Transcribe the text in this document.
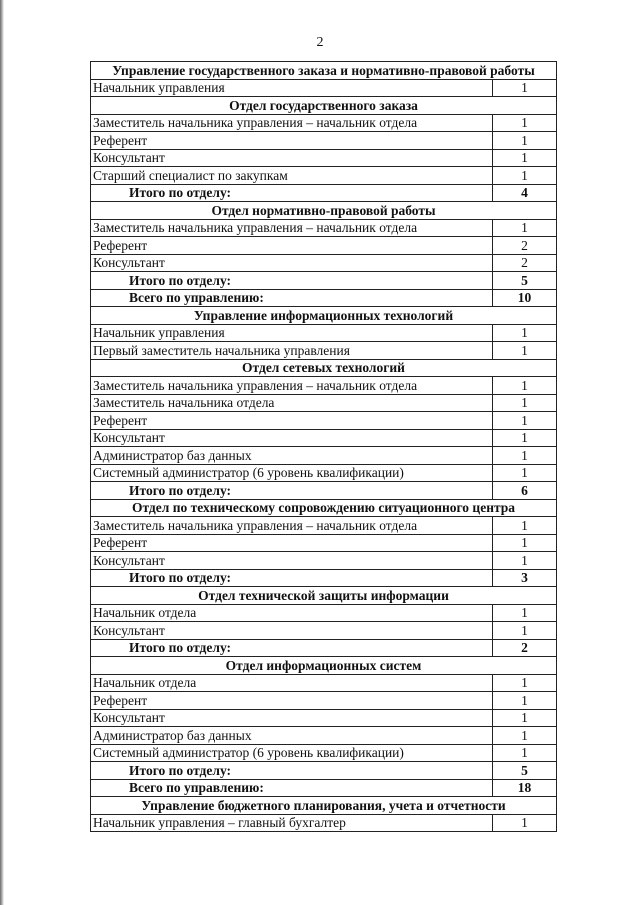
2
Управление государственного заказа и нормативно-правовой работы	
Начальник управления	1
Отдел государственного заказа	
Заместитель начальника управления – начальник отдела	1
Референт	1
Консультант	1
Старший специалист по закупкам	1
Итого по отделу:	4
Отдел нормативно-правовой работы	
Заместитель начальника управления – начальник отдела	1
Референт	2
Консультант	2
Итого по отделу:	5
Всего по управлению:	10
Управление информационных технологий	
Начальник управления	1
Первый заместитель начальника управления	1
Отдел сетевых технологий	
Заместитель начальника управления – начальник отдела	1
Заместитель начальника отдела	1
Референт	1
Консультант	1
Администратор баз данных	1
Системный администратор (6 уровень квалификации)	1
Итого по отделу:	6
Отдел по техническому сопровождению ситуационного центра	
Заместитель начальника управления – начальник отдела	1
Референт	1
Консультант	1
Итого по отделу:	3
Отдел технической защиты информации	
Начальник отдела	1
Консультант	1
Итого по отделу:	2
Отдел информационных систем	
Начальник отдела	1
Референт	1
Консультант	1
Администратор баз данных	1
Системный администратор (6 уровень квалификации)	1
Итого по отделу:	5
Всего по управлению:	18
Управление бюджетного планирования, учета и отчетности	
Начальник управления – главный бухгалтер	1
